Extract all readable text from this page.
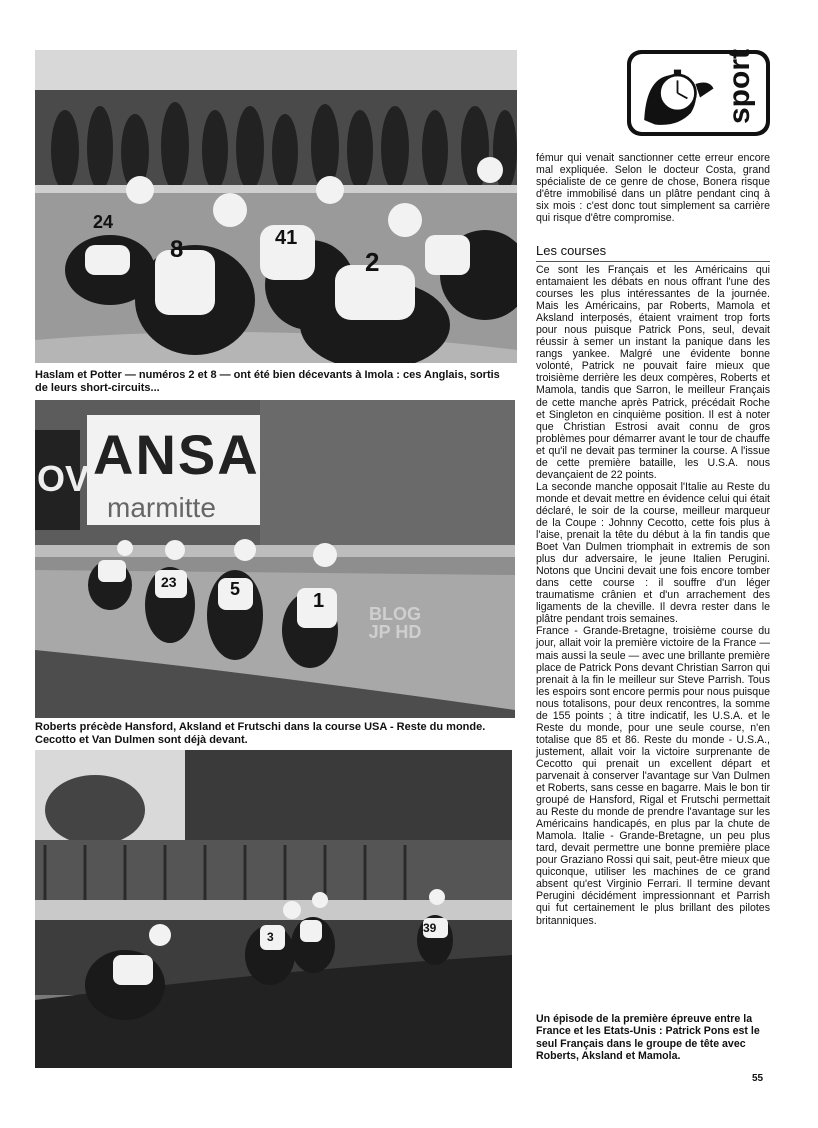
24
8	41
2

Haslam et Potter — numéros 2 et 8 — ont été bien décevants à Imola : ces Anglais, sortis de leurs short-circuits...

OV ANSA
marmitte
23	5
1
BLOG JP HD

Roberts précède Hansford, Aksland et Frutschi dans la course USA - Reste du monde. Cecotto et Van Dulmen sont déjà devant.

3
39
sport

fémur qui venait sanctionner cette erreur encore mal expliquée. Selon le docteur Costa, grand spécialiste de ce genre de chose, Bonera risque d'être immobilisé dans un plâtre pendant cinq à six mois : c'est donc tout simplement sa carrière qui risque d'être compromise.

Les courses

Ce sont les Français et les Américains qui entamaient les débats en nous offrant l'une des courses les plus intéressantes de la journée. Mais les Américains, par Roberts, Mamola et Aksland interposés, étaient vraiment trop forts pour nous puisque Patrick Pons, seul, devait réussir à semer un instant la panique dans les rangs yankee. Malgré une évidente bonne volonté, Patrick ne pouvait faire mieux que troisième derrière les deux compères, Roberts et Mamola, tandis que Sarron, le meilleur Français de cette manche après Patrick, précédait Roche et Singleton en cinquième position. Il est à noter que Christian Estrosi avait connu de gros problèmes pour démarrer avant le tour de chauffe et qu'il ne devait pas terminer la course. A l'issue de cette première bataille, les U.S.A. nous devançaient de 22 points.

La seconde manche opposait l'Italie au Reste du monde et devait mettre en évidence celui qui était déclaré, le soir de la course, meilleur marqueur de la Coupe : Johnny Cecotto, cette fois plus à l'aise, prenait la tête du début à la fin tandis que Boet Van Dulmen triomphait in extremis de son plus dur adversaire, le jeune Italien Perugini. Notons que Uncini devait une fois encore tomber dans cette course : il souffre d'un léger traumatisme crânien et d'un arrachement des ligaments de la cheville. Il devra rester dans le plâtre pendant trois semaines.

France - Grande-Bretagne, troisième course du jour, allait voir la première victoire de la France — mais aussi la seule — avec une brillante première place de Patrick Pons devant Christian Sarron qui prenait à la fin le meilleur sur Steve Parrish. Tous les espoirs sont encore permis pour nous puisque nous totalisons, pour deux rencontres, la somme de 155 points ; à titre indicatif, les U.S.A. et le Reste du monde, pour une seule course, n'en totalise que 85 et 86. Reste du monde - U.S.A., justement, allait voir la victoire surprenante de Cecotto qui prenait un excellent départ et parvenait à conserver l'avantage sur Van Dulmen et Roberts, sans cesse en bagarre. Mais le bon tir groupé de Hansford, Rigal et Frutschi permettait au Reste du monde de prendre l'avantage sur les Américains handicapés, en plus par la chute de Mamola. Italie - Grande-Bretagne, un peu plus tard, devait permettre une bonne première place pour Graziano Rossi qui sait, peut-être mieux que quiconque, utiliser les machines de ce grand absent qu'est Virginio Ferrari. Il termine devant Perugini décidément impressionnant et Parrish qui fut certainement le plus brillant des pilotes britanniques.

Un épisode de la première épreuve entre la France et les Etats-Unis : Patrick Pons est le seul Français dans le groupe de tête avec Roberts, Aksland et Mamola.
55
